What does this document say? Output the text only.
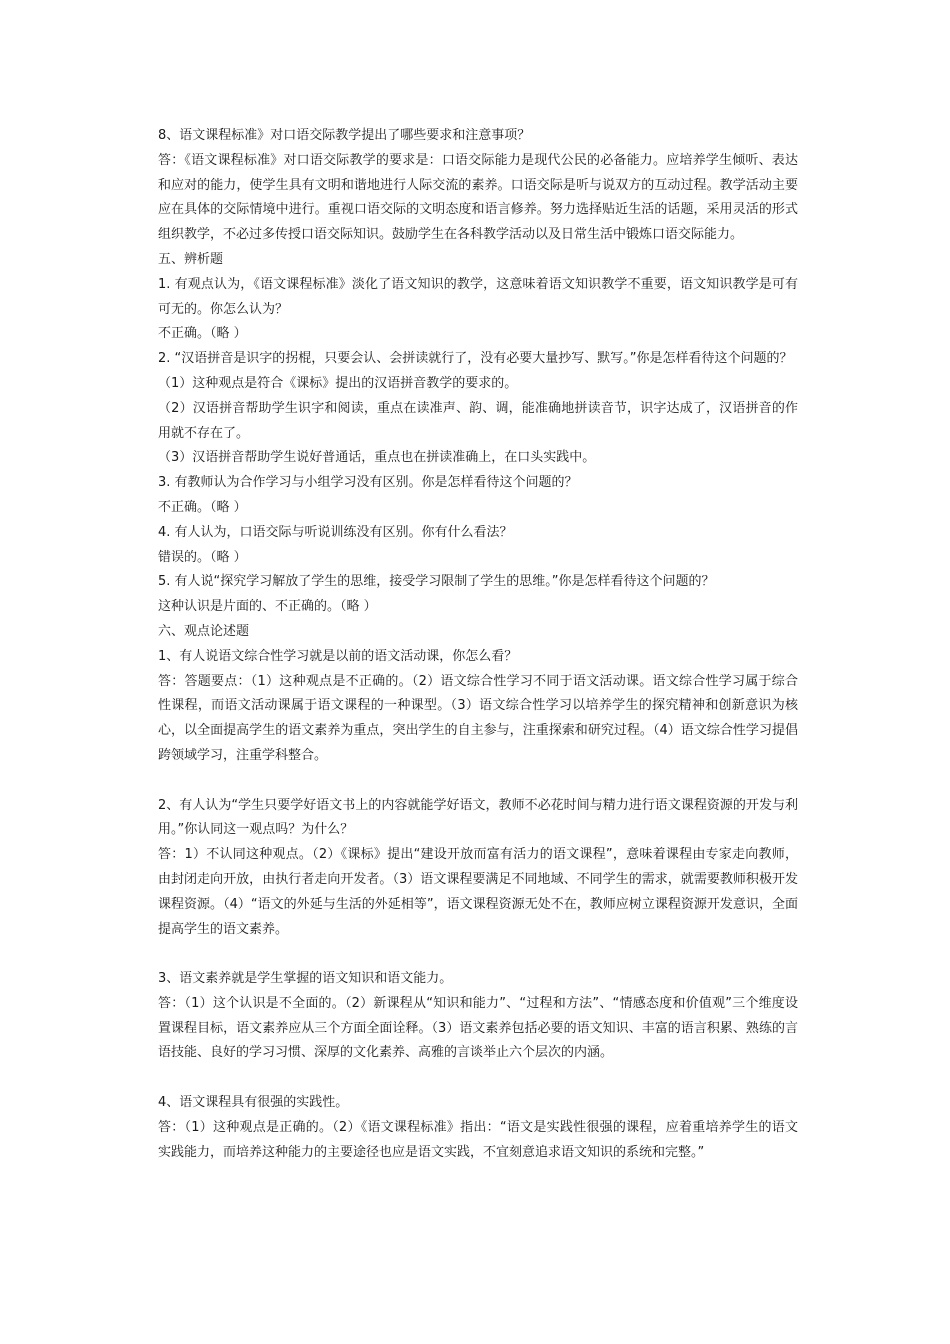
8、语文课程标准》对口语交际教学提出了哪些要求和注意事项？

答：《语文课程标准》对口语交际教学的要求是：口语交际能力是现代公民的必备能力。应培养学生倾听、表达和应对的能力，使学生具有文明和谐地进行人际交流的素养。口语交际是听与说双方的互动过程。教学活动主要应在具体的交际情境中进行。重视口语交际的文明态度和语言修养。努力选择贴近生活的话题，采用灵活的形式组织教学，不必过多传授口语交际知识。鼓励学生在各科教学活动以及日常生活中锻炼口语交际能力。

五、辨析题

1. 有观点认为，《语文课程标准》淡化了语文知识的教学，这意味着语文知识教学不重要，语文知识教学是可有可无的。你怎么认为？

不正确。（略 ）

2. “汉语拼音是识字的拐棍，只要会认、会拼读就行了，没有必要大量抄写、默写。”你是怎样看待这个问题的？

（1）这种观点是符合《课标》提出的汉语拼音教学的要求的。

（2）汉语拼音帮助学生识字和阅读，重点在读准声、韵、调，能准确地拼读音节，识字达成了，汉语拼音的作用就不存在了。

（3）汉语拼音帮助学生说好普通话，重点也在拼读准确上，在口头实践中。

3. 有教师认为合作学习与小组学习没有区别。你是怎样看待这个问题的？

不正确。（略 ）

4. 有人认为，口语交际与听说训练没有区别。你有什么看法？

错误的。（略 ）

5. 有人说“探究学习解放了学生的思维，接受学习限制了学生的思维。”你是怎样看待这个问题的？

这种认识是片面的、不正确的。（略 ）

六、观点论述题

1、有人说语文综合性学习就是以前的语文活动课，你怎么看？

答：答题要点：（1）这种观点是不正确的。（2）语文综合性学习不同于语文活动课。语文综合性学习属于综合性课程，而语文活动课属于语文课程的一种课型。（3）语文综合性学习以培养学生的探究精神和创新意识为核心，以全面提高学生的语文素养为重点，突出学生的自主参与，注重探索和研究过程。（4）语文综合性学习提倡跨领域学习，注重学科整合。

2、有人认为“学生只要学好语文书上的内容就能学好语文，教师不必花时间与精力进行语文课程资源的开发与利用。”你认同这一观点吗？为什么？

答：1）不认同这种观点。（2）《课标》提出“建设开放而富有活力的语文课程”，意味着课程由专家走向教师，由封闭走向开放，由执行者走向开发者。（3）语文课程要满足不同地域、不同学生的需求，就需要教师积极开发课程资源。（4）“语文的外延与生活的外延相等”，语文课程资源无处不在，教师应树立课程资源开发意识，全面提高学生的语文素养。

3、语文素养就是学生掌握的语文知识和语文能力。

答：（1）这个认识是不全面的。（2）新课程从“知识和能力”、“过程和方法”、“情感态度和价值观”三个维度设置课程目标，语文素养应从三个方面全面诠释。（3）语文素养包括必要的语文知识、丰富的语言积累、熟练的言语技能、良好的学习习惯、深厚的文化素养、高雅的言谈举止六个层次的内涵。

4、语文课程具有很强的实践性。

答：（1）这种观点是正确的。（2）《语文课程标准》指出：“语文是实践性很强的课程，应着重培养学生的语文实践能力，而培养这种能力的主要途径也应是语文实践，不宜刻意追求语文知识的系统和完整。”
